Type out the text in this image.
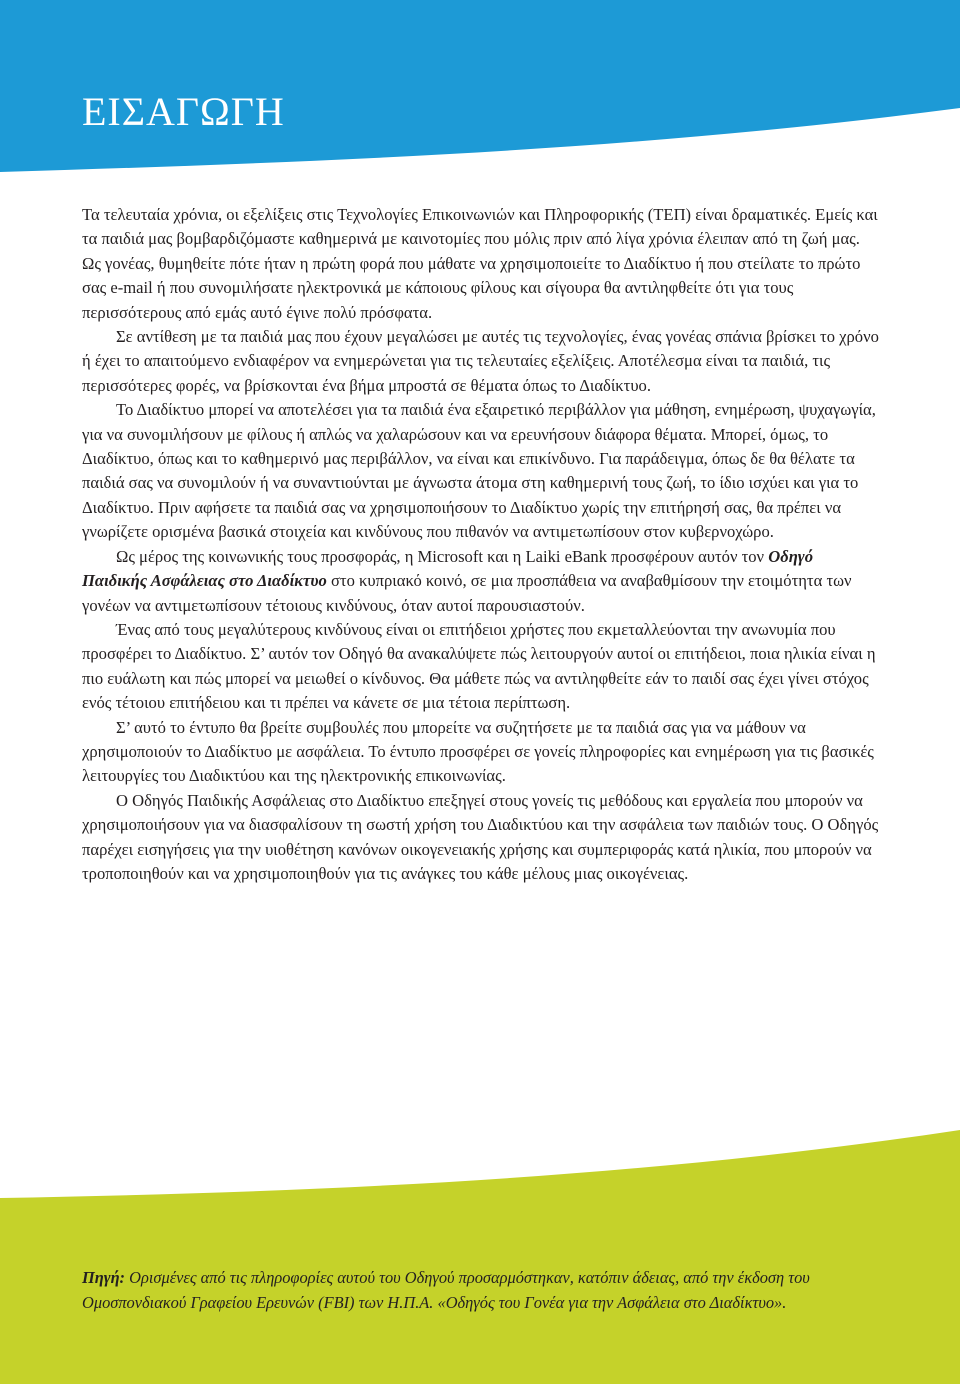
ΕΙΣΑΓΩΓΗ

Τα τελευταία χρόνια, οι εξελίξεις στις Τεχνολογίες Επικοινωνιών και Πληροφορικής (ΤΕΠ) είναι δραματικές. Εμείς και τα παιδιά μας βομβαρδιζόμαστε καθημερινά με καινοτομίες που μόλις πριν από λίγα χρόνια έλειπαν από τη ζωή μας. Ως γονέας, θυμηθείτε πότε ήταν η πρώτη φορά που μάθατε να χρησιμοποιείτε το Διαδίκτυο ή που στείλατε το πρώτο σας e-mail ή που συνομιλήσατε ηλεκτρονικά με κάποιους φίλους και σίγουρα θα αντιληφθείτε ότι για τους περισσότερους από εμάς αυτό έγινε πολύ πρόσφατα.

Σε αντίθεση με τα παιδιά μας που έχουν μεγαλώσει με αυτές τις τεχνολογίες, ένας γονέας σπάνια βρίσκει το χρόνο ή έχει το απαιτούμενο ενδιαφέρον να ενημερώνεται για τις τελευταίες εξελίξεις. Αποτέλεσμα είναι τα παιδιά, τις περισσότερες φορές, να βρίσκονται ένα βήμα μπροστά σε θέματα όπως το Διαδίκτυο.

Το Διαδίκτυο μπορεί να αποτελέσει για τα παιδιά ένα εξαιρετικό περιβάλλον για μάθηση, ενημέρωση, ψυχαγωγία, για να συνομιλήσουν με φίλους ή απλώς να χαλαρώσουν και να ερευνήσουν διάφορα θέματα. Μπορεί, όμως, το Διαδίκτυο, όπως και το καθημερινό μας περιβάλλον, να είναι και επικίνδυνο. Για παράδειγμα, όπως δε θα θέλατε τα παιδιά σας να συνομιλούν ή να συναντιούνται με άγνωστα άτομα στη καθημερινή τους ζωή, το ίδιο ισχύει και για το Διαδίκτυο. Πριν αφήσετε τα παιδιά σας να χρησιμοποιήσουν το Διαδίκτυο χωρίς την επιτήρησή σας, θα πρέπει να γνωρίζετε ορισμένα βασικά στοιχεία και κινδύνους που πιθανόν να αντιμετωπίσουν στον κυβερνοχώρο.

Ως μέρος της κοινωνικής τους προσφοράς, η Microsoft και η Laiki eBank προσφέρουν αυτόν τον Οδηγό Παιδικής Ασφάλειας στο Διαδίκτυο στο κυπριακό κοινό, σε μια προσπάθεια να αναβαθμίσουν την ετοιμότητα των γονέων να αντιμετωπίσουν τέτοιους κινδύνους, όταν αυτοί παρουσιαστούν.

Ένας από τους μεγαλύτερους κινδύνους είναι οι επιτήδειοι χρήστες που εκμεταλλεύονται την ανωνυμία που προσφέρει το Διαδίκτυο. Σ’ αυτόν τον Οδηγό θα ανακαλύψετε πώς λειτουργούν αυτοί οι επιτήδειοι, ποια ηλικία είναι η πιο ευάλωτη και πώς μπορεί να μειωθεί ο κίνδυνος. Θα μάθετε πώς να αντιληφθείτε εάν το παιδί σας έχει γίνει στόχος ενός τέτοιου επιτήδειου και τι πρέπει να κάνετε σε μια τέτοια περίπτωση.

Σ’ αυτό το έντυπο θα βρείτε συμβουλές που μπορείτε να συζητήσετε με τα παιδιά σας για να μάθουν να χρησιμοποιούν το Διαδίκτυο με ασφάλεια. Το έντυπο προσφέρει σε γονείς πληροφορίες και ενημέρωση για τις βασικές λειτουργίες του Διαδικτύου και της ηλεκτρονικής επικοινωνίας.

Ο Οδηγός Παιδικής Ασφάλειας στο Διαδίκτυο επεξηγεί στους γονείς τις μεθόδους και εργαλεία που μπορούν να χρησιμοποιήσουν για να διασφαλίσουν τη σωστή χρήση του Διαδικτύου και την ασφάλεια των παιδιών τους. Ο Οδηγός παρέχει εισηγήσεις για την υιοθέτηση κανόνων οικογενειακής χρήσης και συμπεριφοράς κατά ηλικία, που μπορούν να τροποποιηθούν και να χρησιμοποιηθούν για τις ανάγκες του κάθε μέλους μιας οικογένειας.

Πηγή: Ορισμένες από τις πληροφορίες αυτού του Οδηγού προσαρμόστηκαν, κατόπιν άδειας, από την έκδοση του Ομοσπονδιακού Γραφείου Ερευνών (FBI) των Η.Π.Α. «Οδηγός του Γονέα για την Ασφάλεια στο Διαδίκτυο».
